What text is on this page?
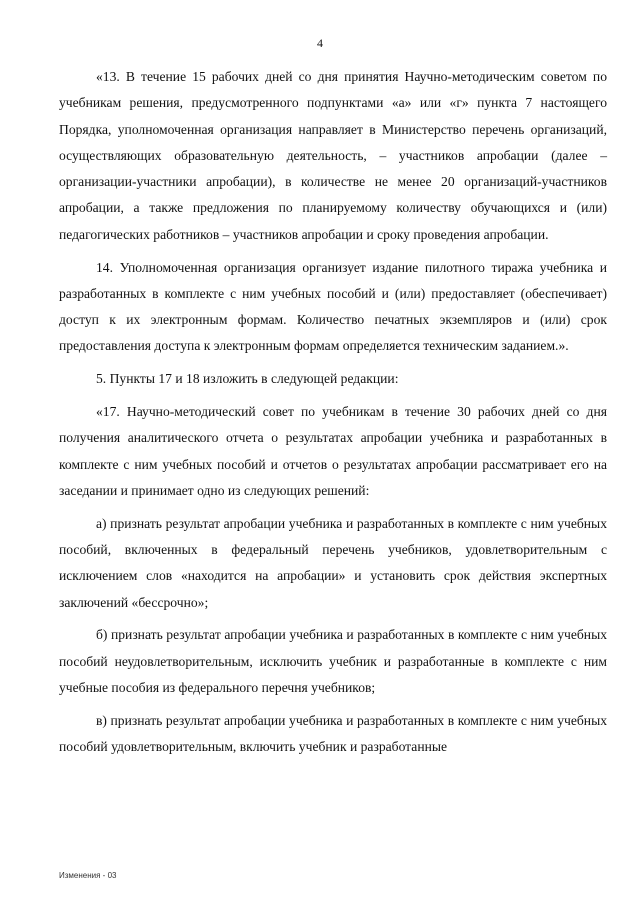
4

«13. В течение 15 рабочих дней со дня принятия Научно-методическим советом по учебникам решения, предусмотренного подпунктами «а» или «г» пункта 7 настоящего Порядка, уполномоченная организация направляет в Министерство перечень организаций, осуществляющих образовательную деятельность, – участников апробации (далее – организации-участники апробации), в количестве не менее 20 организаций-участников апробации, а также предложения по планируемому количеству обучающихся и (или) педагогических работников – участников апробации и сроку проведения апробации.

14. Уполномоченная организация организует издание пилотного тиража учебника и разработанных в комплекте с ним учебных пособий и (или) предоставляет (обеспечивает) доступ к их электронным формам. Количество печатных экземпляров и (или) срок предоставления доступа к электронным формам определяется техническим заданием.».

5. Пункты 17 и 18 изложить в следующей редакции:

«17. Научно-методический совет по учебникам в течение 30 рабочих дней со дня получения аналитического отчета о результатах апробации учебника и разработанных в комплекте с ним учебных пособий и отчетов о результатах апробации рассматривает его на заседании и принимает одно из следующих решений:

а) признать результат апробации учебника и разработанных в комплекте с ним учебных пособий, включенных в федеральный перечень учебников, удовлетворительным с исключением слов «находится на апробации» и установить срок действия экспертных заключений «бессрочно»;

б) признать результат апробации учебника и разработанных в комплекте с ним учебных пособий неудовлетворительным, исключить учебник и разработанные в комплекте с ним учебные пособия из федерального перечня учебников;

в) признать результат апробации учебника и разработанных в комплекте с ним учебных пособий удовлетворительным, включить учебник и разработанные

Изменения - 03
